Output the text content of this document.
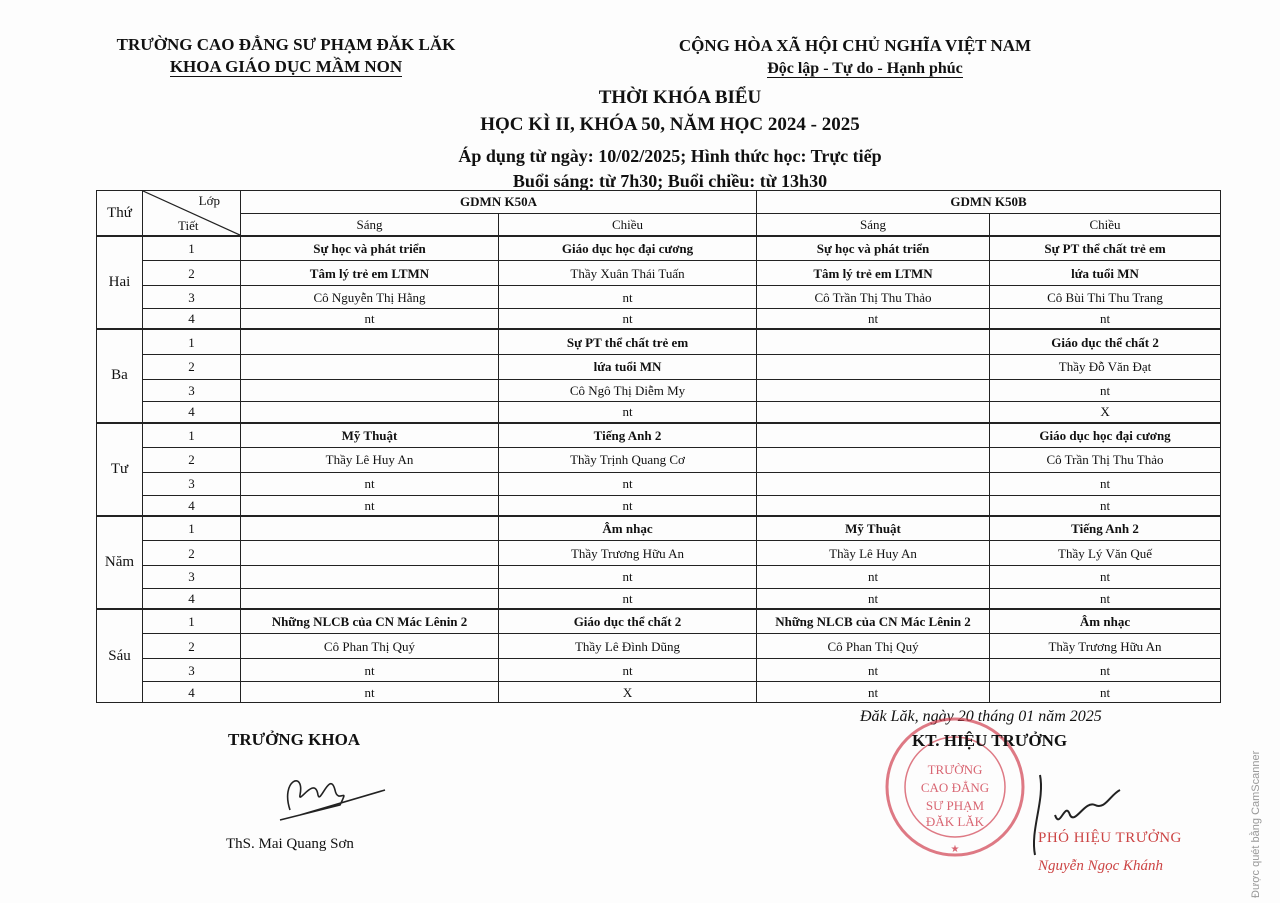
TRƯỜNG CAO ĐẲNG SƯ PHẠM ĐĂK LĂK
KHOA GIÁO DỤC MẦM NON
CỘNG HÒA XÃ HỘI CHỦ NGHĨA VIỆT NAM
Độc lập - Tự do - Hạnh phúc
THỜI KHÓA BIỂU
HỌC KÌ II, KHÓA 50, NĂM HỌC 2024 - 2025
Áp dụng từ ngày: 10/02/2025; Hình thức học: Trực tiếp
Buổi sáng: từ 7h30; Buổi chiều: từ 13h30
Thứ	Lớp
Tiết	GDMN K50A		GDMN K50B	
		Sáng	Chiều	Sáng	Chiều
Hai	1	Sự học và phát triển	Giáo dục học đại cương	Sự học và phát triển	Sự PT thể chất trẻ em
	2	Tâm lý trẻ em LTMN	Thầy Xuân Thái Tuấn	Tâm lý trẻ em LTMN	lứa tuổi MN
	3	Cô Nguyễn Thị Hằng	nt	Cô Trần Thị Thu Thảo	Cô Bùi Thi Thu Trang
	4	nt	nt	nt	nt
Ba	1		Sự PT thể chất trẻ em		Giáo dục thể chất 2
	2		lứa tuổi MN		Thầy Đỗ Văn Đạt
	3		Cô Ngô Thị Diễm My		nt
	4		nt		X
Tư	1	Mỹ Thuật	Tiếng Anh 2		Giáo dục học đại cương
	2	Thầy Lê Huy An	Thầy Trịnh Quang Cơ		Cô Trần Thị Thu Thảo
	3	nt	nt		nt
	4	nt	nt		nt
Năm	1		Âm nhạc	Mỹ Thuật	Tiếng Anh 2
	2		Thầy Trương Hữu An	Thầy Lê Huy An	Thầy Lý Văn Quế
	3		nt	nt	nt
	4		nt	nt	nt
Sáu	1	Những NLCB của CN Mác Lênin 2	Giáo dục thể chất 2	Những NLCB của CN Mác Lênin 2	Âm nhạc
	2	Cô Phan Thị Quý	Thầy Lê Đình Dũng	Cô Phan Thị Quý	Thầy Trương Hữu An
	3	nt	nt	nt	nt
	4	nt	X	nt	nt
TRƯỞNG KHOA
ThS. Mai Quang Sơn
Đăk Lăk, ngày 20 tháng 01 năm 2025
TRƯỜNG
CAO ĐẲNG
SƯ PHẠM
ĐĂK LĂK
★
KT. HIỆU TRƯỞNG
PHÓ HIỆU TRƯỞNG
Nguyễn Ngọc Khánh	Được quét bằng CamScanner
